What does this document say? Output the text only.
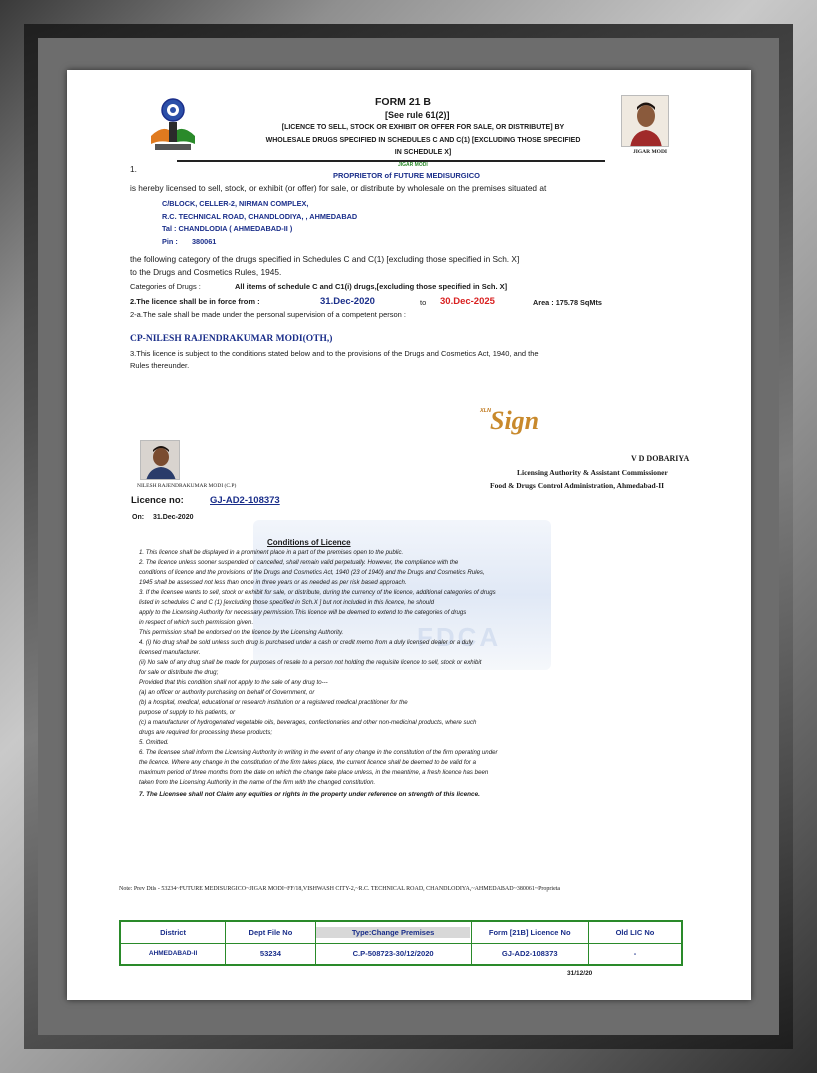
FORM 21 B
[See rule 61(2)]
[LICENCE TO SELL, STOCK OR EXHIBIT OR OFFER FOR SALE, OR DISTRIBUTE] BY
WHOLESALE DRUGS SPECIFIED IN SCHEDULES C AND C(1) [EXCLUDING THOSE SPECIFIED
IN SCHEDULE X]	JIGAR MODI
1.	JIGAR MODI
PROPRIETOR of FUTURE MEDISURGICO
is hereby licensed to sell, stock, or exhibit (or offer) for sale, or distribute by wholesale on the premises situated at
C/BLOCK, CELLER-2, NIRMAN COMPLEX,
R.C. TECHNICAL ROAD, CHANDLODIYA, , AHMEDABAD
Tal : CHANDLODIA ( AHMEDABAD-II )
Pin : 380061
the following category of the drugs specified in Schedules C and C(1) [excluding those specified in Sch. X]
to the Drugs and Cosmetics Rules, 1945.
Categories of Drugs :	All items of schedule C and C1(i) drugs,[excluding those specified in Sch. X]
2.The licence shall be in force from :	31.Dec-2020	to 30.Dec-2025	Area : 175.78 SqMts
2-a.The sale shall be made under the personal supervision of a competent person :
CP-NILESH RAJENDRAKUMAR MODI(OTH,)
3.This licence is subject to the conditions stated below and to the provisions of the Drugs and Cosmetics Act, 1940, and the
Rules thereunder.
XLN Sign
NILESH RAJENDRAKUMAR MODI (C.P)
V D DOBARIYA
Licensing Authority & Assistant Commissioner
Food & Drugs Control Administration, Ahmedabad-II
Licence no:	GJ-AD2-108373
On: 31.Dec-2020
FDCA
Conditions of Licence
1. This licence shall be displayed in a prominent place in a part of the premises open to the public.
2. The licence unless sooner suspended or cancelled, shall remain valid perpetually. However, the compliance with the
conditions of licence and the provisions of the Drugs and Cosmetics Act, 1940 (23 of 1940) and the Drugs and Cosmetics Rules,
1945 shall be assessed not less than once in three years or as needed as per risk based approach.
3. If the licensee wants to sell, stock or exhibit for sale, or distribute, during the currency of the licence, additional categories of drugs
listed in schedules C and C (1) [excluding those specified in Sch.X ] but not included in this licence, he should
apply to the Licensing Authority for necessary permission.This licence will be deemed to extend to the categories of drugs
in respect of which such permission given.
This permission shall be endorsed on the licence by the Licensing Authority.
4. (i) No drug shall be sold unless such drug is purchased under a cash or credit memo from a duly licensed dealer or a duly
licensed manufacturer.
(ii) No sale of any drug shall be made for purposes of resale to a person not holding the requisite licence to sell, stock or exhibit
for sale or distribute the drug;
Provided that this condition shall not apply to the sale of any drug to---
(a) an officer or authority purchasing on behalf of Government, or
(b) a hospital, medical, educational or research institution or a registered medical practitioner for the
purpose of supply to his patients, or
(c) a manufacturer of hydrogenated vegetable oils, beverages, confectionaries and other non-medicinal products, where such
drugs are required for processing these products;
5. Omitted.
6. The licensee shall inform the Licensing Authority in writing in the event of any change in the constitution of the firm operating under
the licence. Where any change in the constitution of the firm takes place, the current licence shall be deemed to be valid for a
maximum period of three months from the date on which the change take place unless, in the meantime, a fresh licence has been
taken from the Licensing Authority in the name of the firm with the changed constitution.
7. The Licensee shall not Claim any equities or rights in the property under reference on strength of this licence.
Note: Prev Dtls - 53234~FUTURE MEDISURGICO~JIGAR MODI~FF/18,VISHWASH CITY-2,~R.C. TECHNICAL ROAD, CHANDLODIYA,~AHMEDABAD~380061~Proprieta
District	Dept File No	Type:Change Premises	Form [21B] Licence No	Old LIC No
AHMEDABAD-II	53234	C.P-508723-30/12/2020	GJ-AD2-108373	-
31/12/20
